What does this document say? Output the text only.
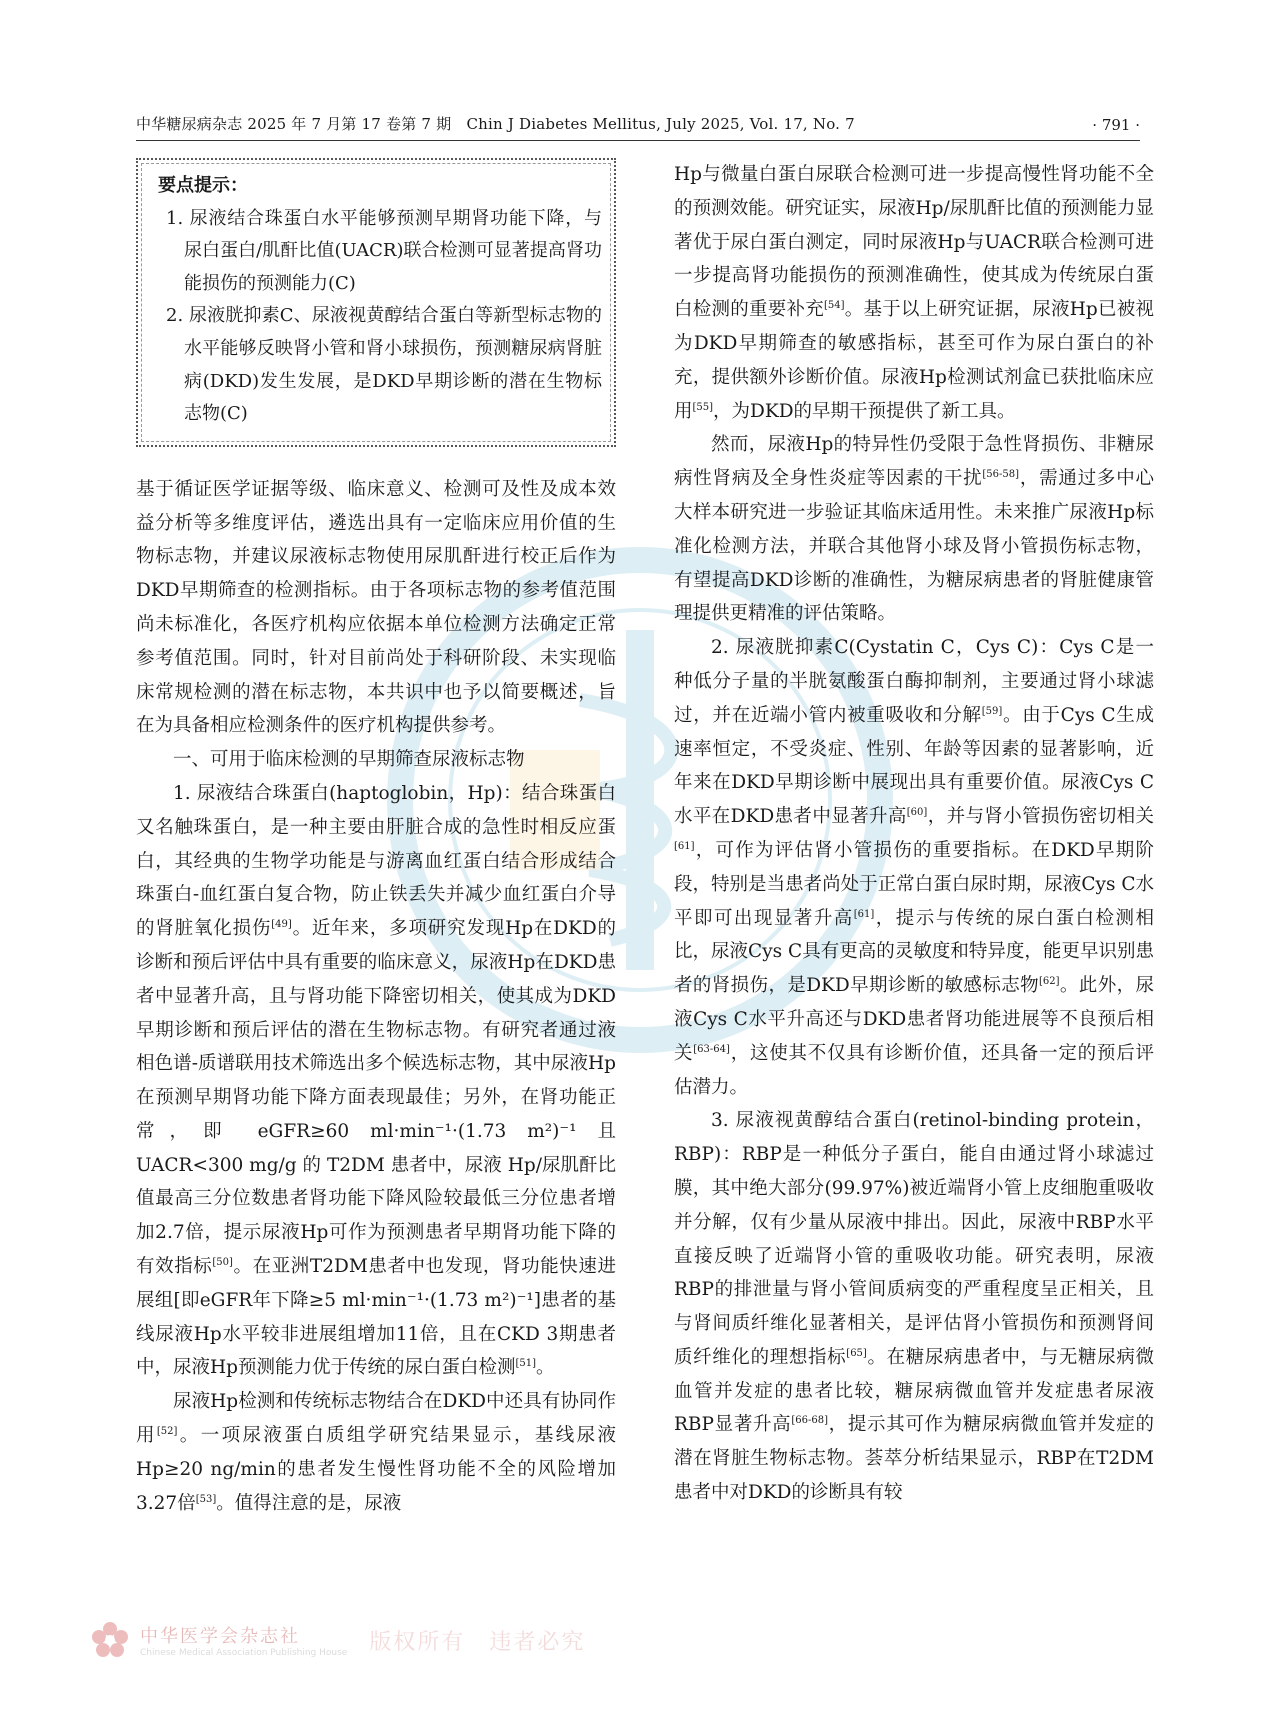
中华糖尿病杂志 2025 年 7 月第 17 卷第 7 期　Chin J Diabetes Mellitus, July 2025, Vol. 17, No. 7	· 791 ·
要点提示：
1. 尿液结合珠蛋白水平能够预测早期肾功能下降，与尿白蛋白/肌酐比值(UACR)联合检测可显著提高肾功能损伤的预测能力(C)
2. 尿液胱抑素C、尿液视黄醇结合蛋白等新型标志物的水平能够反映肾小管和肾小球损伤，预测糖尿病肾脏病(DKD)发生发展，是DKD早期诊断的潜在生物标志物(C)

基于循证医学证据等级、临床意义、检测可及性及成本效益分析等多维度评估，遴选出具有一定临床应用价值的生物标志物，并建议尿液标志物使用尿肌酐进行校正后作为DKD早期筛查的检测指标。由于各项标志物的参考值范围尚未标准化，各医疗机构应依据本单位检测方法确定正常参考值范围。同时，针对目前尚处于科研阶段、未实现临床常规检测的潜在标志物，本共识中也予以简要概述，旨在为具备相应检测条件的医疗机构提供参考。

一、可用于临床检测的早期筛查尿液标志物

1. 尿液结合珠蛋白(haptoglobin，Hp)：结合珠蛋白又名触珠蛋白，是一种主要由肝脏合成的急性时相反应蛋白，其经典的生物学功能是与游离血红蛋白结合形成结合珠蛋白-血红蛋白复合物，防止铁丢失并减少血红蛋白介导的肾脏氧化损伤[49]。近年来，多项研究发现Hp在DKD的诊断和预后评估中具有重要的临床意义，尿液Hp在DKD患者中显著升高，且与肾功能下降密切相关，使其成为DKD早期诊断和预后评估的潜在生物标志物。有研究者通过液相色谱-质谱联用技术筛选出多个候选标志物，其中尿液Hp在预测早期肾功能下降方面表现最佳；另外，在肾功能正常，即 eGFR≥60 ml·min⁻¹·(1.73 m²)⁻¹ 且UACR<300 mg/g 的 T2DM 患者中，尿液 Hp/尿肌酐比值最高三分位数患者肾功能下降风险较最低三分位患者增加2.7倍，提示尿液Hp可作为预测患者早期肾功能下降的有效指标[50]。在亚洲T2DM患者中也发现，肾功能快速进展组[即eGFR年下降≥5 ml·min⁻¹·(1.73 m²)⁻¹]患者的基线尿液Hp水平较非进展组增加11倍，且在CKD 3期患者中，尿液Hp预测能力优于传统的尿白蛋白检测[51]。

尿液Hp检测和传统标志物结合在DKD中还具有协同作用[52]。一项尿液蛋白质组学研究结果显示，基线尿液Hp≥20 ng/min的患者发生慢性肾功能不全的风险增加3.27倍[53]。值得注意的是，尿液

Hp与微量白蛋白尿联合检测可进一步提高慢性肾功能不全的预测效能。研究证实，尿液Hp/尿肌酐比值的预测能力显著优于尿白蛋白测定，同时尿液Hp与UACR联合检测可进一步提高肾功能损伤的预测准确性，使其成为传统尿白蛋白检测的重要补充[54]。基于以上研究证据，尿液Hp已被视为DKD早期筛查的敏感指标，甚至可作为尿白蛋白的补充，提供额外诊断价值。尿液Hp检测试剂盒已获批临床应用[55]，为DKD的早期干预提供了新工具。

然而，尿液Hp的特异性仍受限于急性肾损伤、非糖尿病性肾病及全身性炎症等因素的干扰[56-58]，需通过多中心大样本研究进一步验证其临床适用性。未来推广尿液Hp标准化检测方法，并联合其他肾小球及肾小管损伤标志物，有望提高DKD诊断的准确性，为糖尿病患者的肾脏健康管理提供更精准的评估策略。

2. 尿液胱抑素C(Cystatin C，Cys C)：Cys C是一种低分子量的半胱氨酸蛋白酶抑制剂，主要通过肾小球滤过，并在近端小管内被重吸收和分解[59]。由于Cys C生成速率恒定，不受炎症、性别、年龄等因素的显著影响，近年来在DKD早期诊断中展现出具有重要价值。尿液Cys C水平在DKD患者中显著升高[60]，并与肾小管损伤密切相关[61]，可作为评估肾小管损伤的重要指标。在DKD早期阶段，特别是当患者尚处于正常白蛋白尿时期，尿液Cys C水平即可出现显著升高[61]，提示与传统的尿白蛋白检测相比，尿液Cys C具有更高的灵敏度和特异度，能更早识别患者的肾损伤，是DKD早期诊断的敏感标志物[62]。此外，尿液Cys C水平升高还与DKD患者肾功能进展等不良预后相关[63-64]，这使其不仅具有诊断价值，还具备一定的预后评估潜力。

3. 尿液视黄醇结合蛋白(retinol-binding protein，RBP)：RBP是一种低分子蛋白，能自由通过肾小球滤过膜，其中绝大部分(99.97%)被近端肾小管上皮细胞重吸收并分解，仅有少量从尿液中排出。因此，尿液中RBP水平直接反映了近端肾小管的重吸收功能。研究表明，尿液RBP的排泄量与肾小管间质病变的严重程度呈正相关，且与肾间质纤维化显著相关，是评估肾小管损伤和预测肾间质纤维化的理想指标[65]。在糖尿病患者中，与无糖尿病微血管并发症的患者比较，糖尿病微血管并发症患者尿液RBP显著升高[66-68]，提示其可作为糖尿病微血管并发症的潜在肾脏生物标志物。荟萃分析结果显示，RBP在T2DM患者中对DKD的诊断具有较

中华医学会杂志社
Chinese Medical Association Publishing House 版权所有　违者必究
